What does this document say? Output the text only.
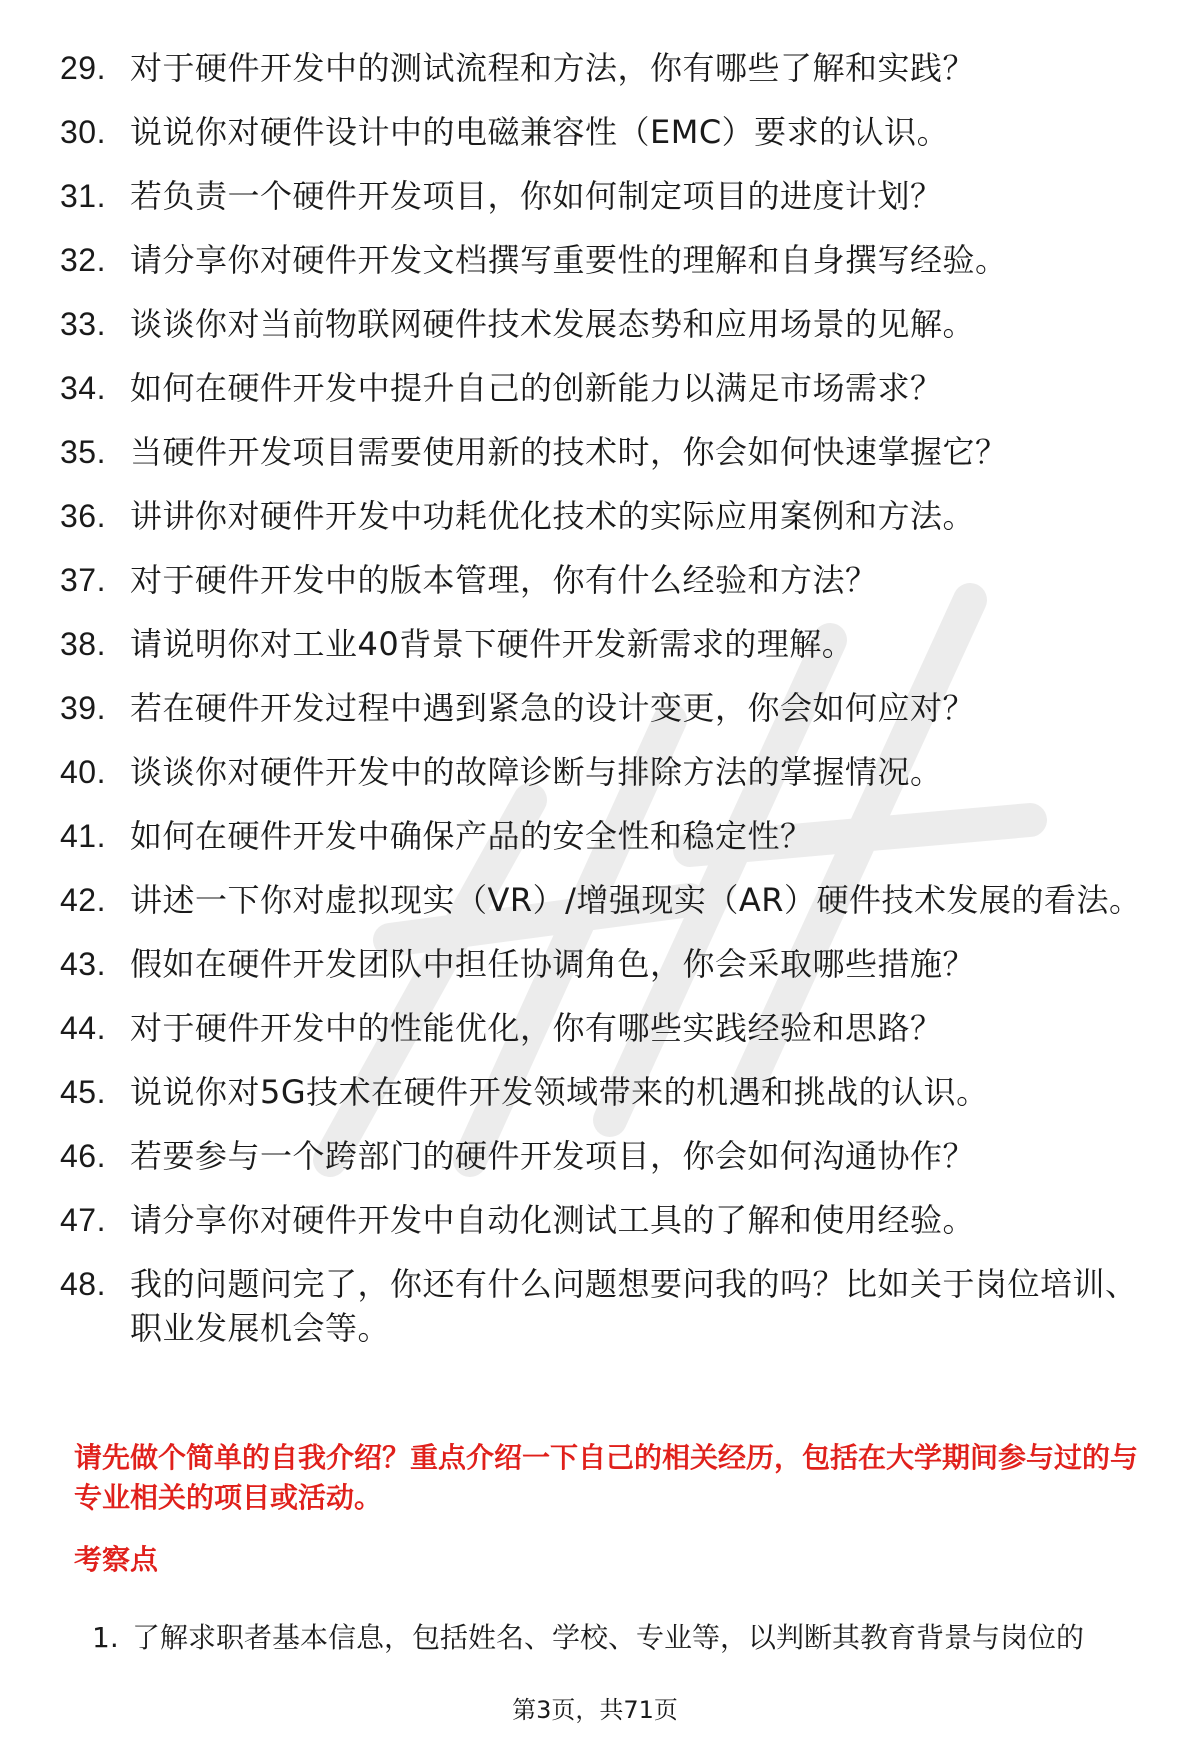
29. 对于硬件开发中的测试流程和方法，你有哪些了解和实践？
30. 说说你对硬件设计中的电磁兼容性（EMC）要求的认识。
31. 若负责一个硬件开发项目，你如何制定项目的进度计划？
32. 请分享你对硬件开发文档撰写重要性的理解和自身撰写经验。
33. 谈谈你对当前物联网硬件技术发展态势和应用场景的见解。
34. 如何在硬件开发中提升自己的创新能力以满足市场需求？
35. 当硬件开发项目需要使用新的技术时，你会如何快速掌握它？
36. 讲讲你对硬件开发中功耗优化技术的实际应用案例和方法。
37. 对于硬件开发中的版本管理，你有什么经验和方法？
38. 请说明你对工业40背景下硬件开发新需求的理解。
39. 若在硬件开发过程中遇到紧急的设计变更，你会如何应对？
40. 谈谈你对硬件开发中的故障诊断与排除方法的掌握情况。
41. 如何在硬件开发中确保产品的安全性和稳定性？
42. 讲述一下你对虚拟现实（VR）/增强现实（AR）硬件技术发展的看法。
43. 假如在硬件开发团队中担任协调角色，你会采取哪些措施？
44. 对于硬件开发中的性能优化，你有哪些实践经验和思路？
45. 说说你对5G技术在硬件开发领域带来的机遇和挑战的认识。
46. 若要参与一个跨部门的硬件开发项目，你会如何沟通协作？
47. 请分享你对硬件开发中自动化测试工具的了解和使用经验。
48. 我的问题问完了，你还有什么问题想要问我的吗？比如关于岗位培训、职业发展机会等。

请先做个简单的自我介绍？重点介绍一下自己的相关经历，包括在大学期间参与过的与专业相关的项目或活动。

考察点

1. 了解求职者基本信息，包括姓名、学校、专业等，以判断其教育背景与岗位的
第3页，共71页
